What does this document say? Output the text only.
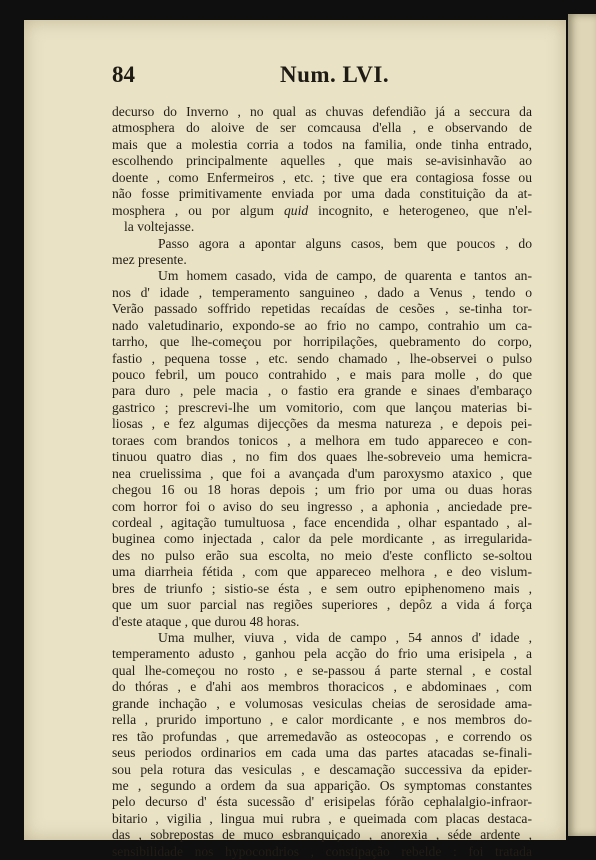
84	Num. LVI.
decurso do Inverno , no qual as chuvas defendião já a seccura da
atmosphera do aloive de ser comcausa d'ella , e observando de
mais que a molestia corria a todos na familia, onde tinha entrado,
escolhendo principalmente aquelles , que mais se-avisinhavão ao
doente , como Enfermeiros , etc. ; tive que era contagiosa fosse ou
não fosse primitivamente enviada por uma dada constituição da at-
mosphera , ou por algum quid incognito, e heterogeneo, que n'el-
la voltejasse.
Passo agora a apontar alguns casos, bem que poucos , do
mez presente.
Um homem casado, vida de campo, de quarenta e tantos an-
nos d' idade , temperamento sanguineo , dado a Venus , tendo o
Verão passado soffrido repetidas recaídas de cesões , se-tinha tor-
nado valetudinario, expondo-se ao frio no campo, contrahio um ca-
tarrho, que lhe-começou por horripilações, quebramento do corpo,
fastio , pequena tosse , etc. sendo chamado , lhe-observei o pulso
pouco febril, um pouco contrahido , e mais para molle , do que
para duro , pele macia , o fastio era grande e sinaes d'embaraço
gastrico ; prescrevi-lhe um vomitorio, com que lançou materias bi-
liosas , e fez algumas dijecções da mesma natureza , e depois pei-
toraes com brandos tonicos , a melhora em tudo appareceo e con-
tinuou quatro dias , no fim dos quaes lhe-sobreveio uma hemicra-
nea cruelissima , que foi a avançada d'um paroxysmo ataxico , que
chegou 16 ou 18 horas depois ; um frio por uma ou duas horas
com horror foi o aviso do seu ingresso , a aphonia , anciedade pre-
cordeal , agitação tumultuosa , face encendida , olhar espantado , al-
buginea como injectada , calor da pele mordicante , as irregularida-
des no pulso erão sua escolta, no meio d'este conflicto se-soltou
uma diarrheia fétida , com que appareceo melhora , e deo vislum-
bres de triunfo ; sistio-se ésta , e sem outro epiphenomeno mais ,
que um suor parcial nas regiões superiores , depôz a vida á força
d'este ataque , que durou 48 horas.
Uma mulher, viuva , vida de campo , 54 annos d' idade ,
temperamento adusto , ganhou pela acção do frio uma erisipela , a
qual lhe-começou no rosto , e se-passou á parte sternal , e costal
do thóras , e d'ahi aos membros thoracicos , e abdominaes , com
grande inchação , e volumosas vesiculas cheias de serosidade ama-
rella , prurido importuno , e calor mordicante , e nos membros do-
res tão profundas , que arremedavão as osteocopas , e correndo os
seus periodos ordinarios em cada uma das partes atacadas se-finali-
sou pela rotura das vesiculas , e descamação successiva da epider-
me , segundo a ordem da sua apparição. Os symptomas constantes
pelo decurso d' ésta sucessão d' erisipelas fórão cephalalgio-infraor-
bitario , vigilia , lingua mui rubra , e queimada com placas destaca-
das , sobrepostas de muco esbranquiçado , anorexia , séde ardente ,
sensibilidade nos hypocondrios , constipação rebelde : foi tratada
